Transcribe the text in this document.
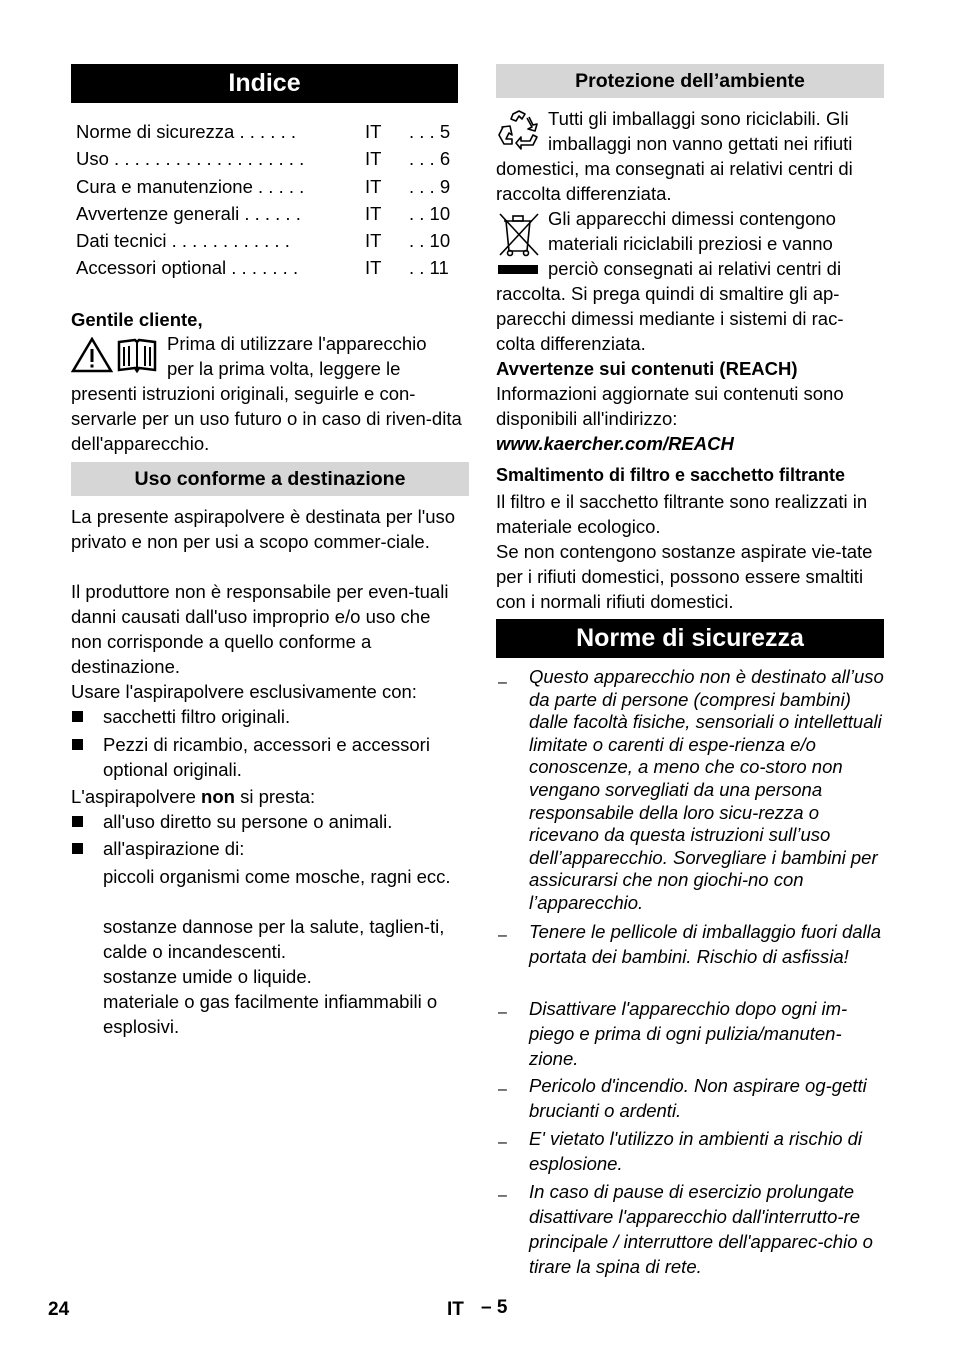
Indice
Norme di sicurezza . . . . . .	IT . . . 5
Uso . . . . . . . . . . . . . . . . . . .	IT . . . 6
Cura e manutenzione . . . . .	IT . . . 9
Avvertenze generali . . . . . .	IT . . 10
Dati tecnici . . . . . . . . . . . .	IT . . 10
Accessori optional . . . . . . .	IT . . 11
Gentile cliente,
Prima di utilizzare l'apparecchio
per la prima volta, leggere le
presenti istruzioni originali, seguirle e con-servarle per un uso futuro o in caso di riven-dita dell'apparecchio.
Uso conforme a destinazione
La presente aspirapolvere è destinata per l'uso privato e non per usi a scopo commer-ciale.
Il produttore non è responsabile per even-tuali danni causati dall'uso improprio e/o uso che non corrisponde a quello conforme a destinazione.
Usare l'aspirapolvere esclusivamente con:
sacchetti filtro originali.
Pezzi di ricambio, accessori e accessori optional originali.
L'aspirapolvere non si presta:
all'uso diretto su persone o animali.
all'aspirazione di:
piccoli organismi come mosche, ragni ecc.
sostanze dannose per la salute, taglien-ti, calde o incandescenti.
sostanze umide o liquide.
materiale o gas facilmente infiammabili o esplosivi.
Protezione dell’ambiente
Tutti gli imballaggi sono riciclabili. Gli
imballaggi non vanno gettati nei rifiuti
domestici, ma consegnati ai relativi centri di raccolta differenziata.
Gli apparecchi dimessi contengono
materiali riciclabili preziosi e vanno
perciò consegnati ai relativi centri di
raccolta. Si prega quindi di smaltire gli ap-parecchi dimessi mediante i sistemi di rac-colta differenziata.
Avvertenze sui contenuti (REACH)
Informazioni aggiornate sui contenuti sono disponibili all'indirizzo:
www.kaercher.com/REACH
Smaltimento di filtro e sacchetto filtrante
Il filtro e il sacchetto filtrante sono realizzati in materiale ecologico.
Se non contengono sostanze aspirate vie-tate per i rifiuti domestici, possono essere smaltiti con i normali rifiuti domestici.
Norme di sicurezza
– Questo apparecchio non è destinato all’uso da parte di persone (compresi bambini) dalle facoltà fisiche, sensoriali o intellettuali limitate o carenti di espe-rienza e/o conoscenze, a meno che co-storo non vengano sorvegliati da una persona responsabile della loro sicu-rezza o ricevano da questa istruzioni sull’uso dell’apparecchio. Sorvegliare i bambini per assicurarsi che non giochi-no con l’apparecchio.
– Tenere le pellicole di imballaggio fuori dalla portata dei bambini. Rischio di asfissia!
– Disattivare l'apparecchio dopo ogni im-piego e prima di ogni pulizia/manuten-zione.
– Pericolo d'incendio. Non aspirare og-getti brucianti o ardenti.
– E' vietato l'utilizzo in ambienti a rischio di esplosione.
– In caso di pause di esercizio prolungate disattivare l'apparecchio dall'interrutto-re principale / interruttore dell'apparec-chio o tirare la spina di rete.
24	IT – 5
